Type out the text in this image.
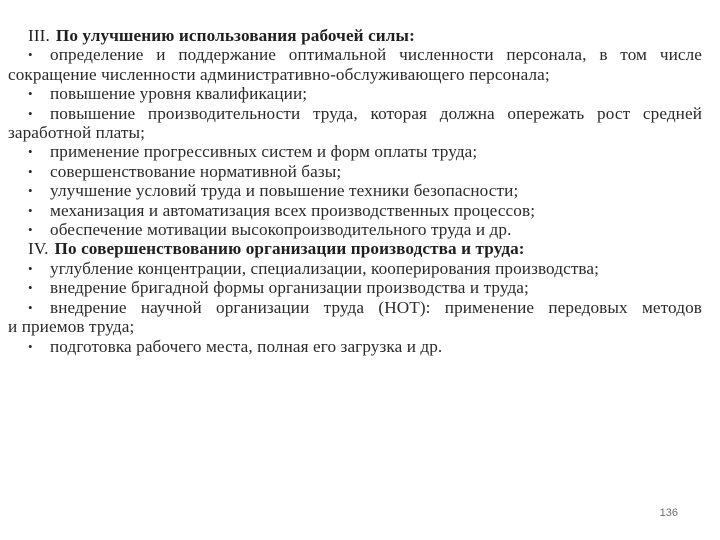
III. По улучшению использования рабочей силы:
• определение и поддержание оптимальной численности персонала, в том числе
сокращение численности административно-обслуживающего персонала;
• повышение уровня квалификации;
• повышение производительности труда, которая должна опережать рост средней
заработной платы;
• применение прогрессивных систем и форм оплаты труда;
• совершенствование нормативной базы;
• улучшение условий труда и повышение техники безопасности;
• механизация и автоматизация всех производственных процессов;
• обеспечение мотивации высокопроизводительного труда и др.
IV. По совершенствованию организации производства и труда:
• углубление концентрации, специализации, кооперирования производства;
• внедрение бригадной формы организации производства и труда;
• внедрение научной организации труда (НОТ): применение передовых методов
и приемов труда;
• подготовка рабочего места, полная его загрузка и др.
136
